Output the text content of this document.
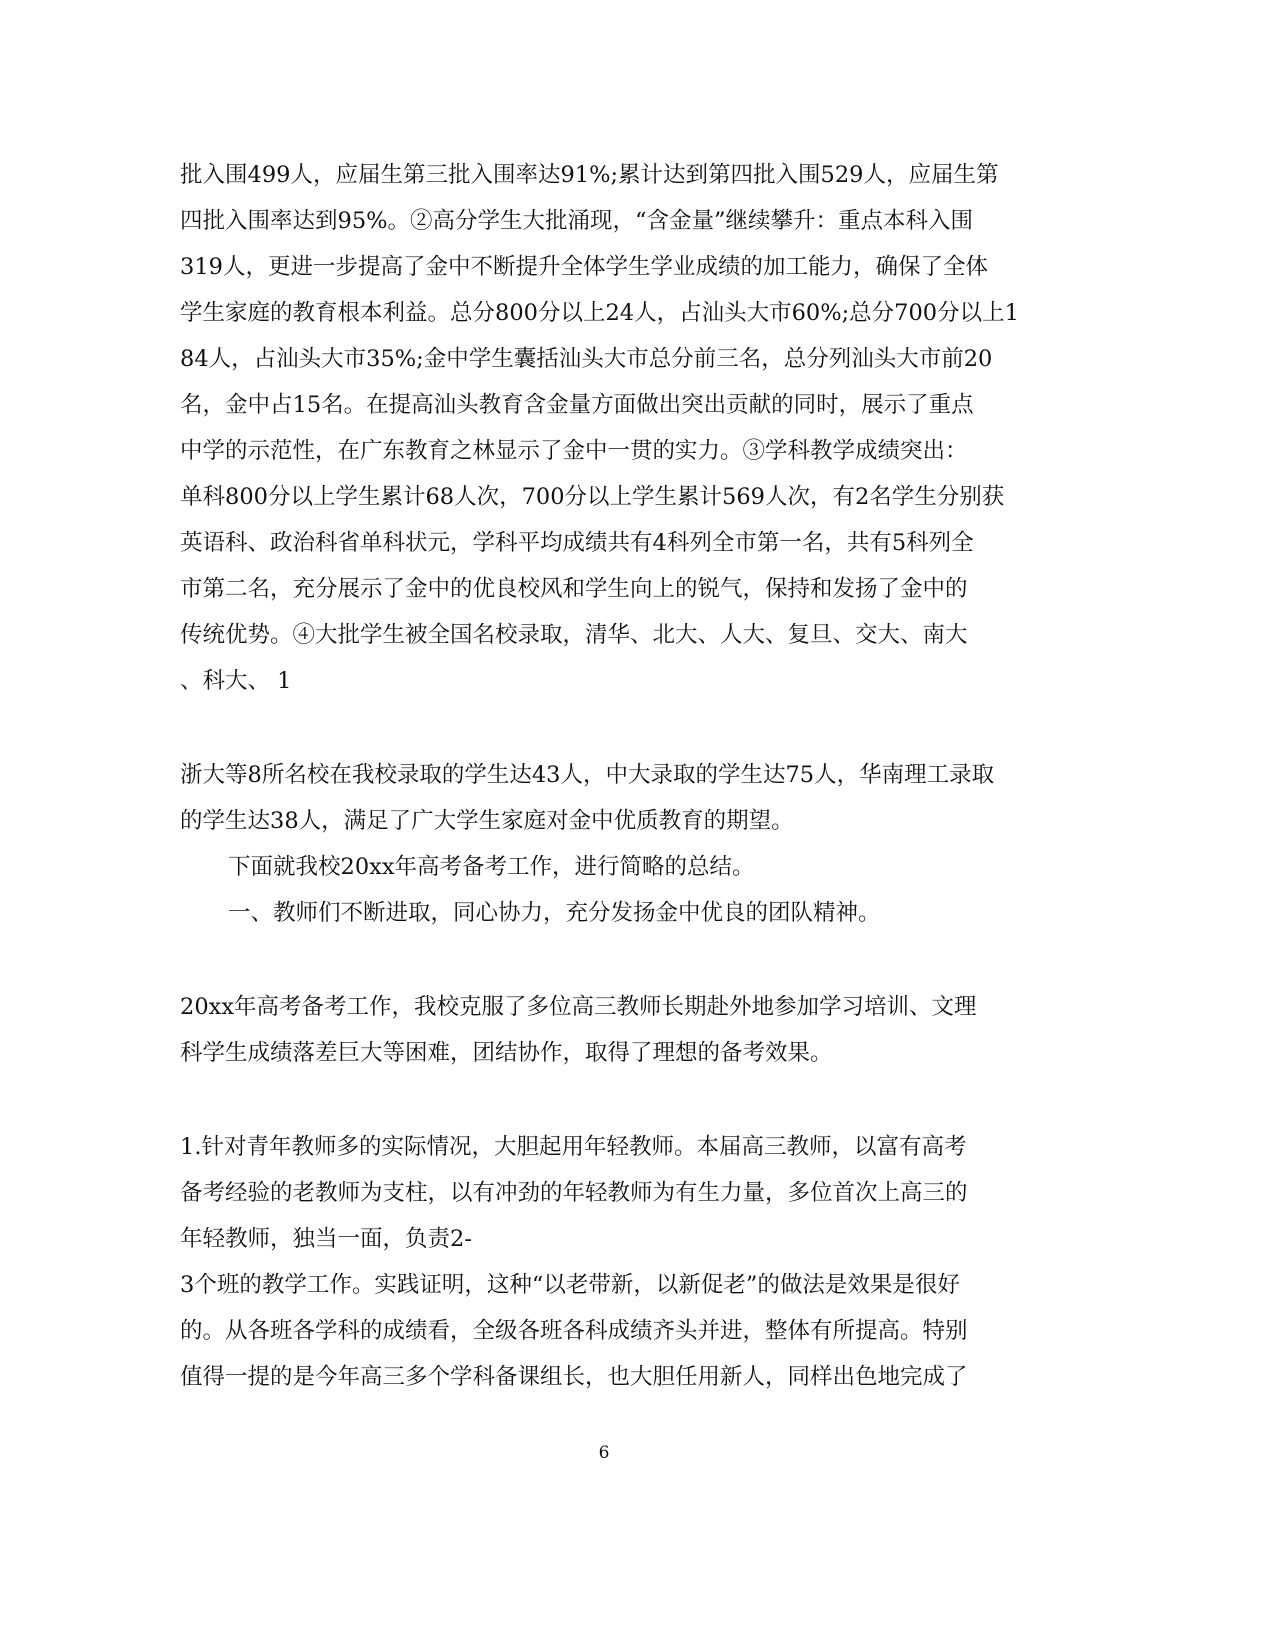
批入围499人，应届生第三批入围率达91%;累计达到第四批入围529人，应届生第

四批入围率达到95%。②高分学生大批涌现，“含金量”继续攀升：重点本科入围

319人，更进一步提高了金中不断提升全体学生学业成绩的加工能力，确保了全体

学生家庭的教育根本利益。总分800分以上24人，占汕头大市60%;总分700分以上1

84人，占汕头大市35%;金中学生囊括汕头大市总分前三名，总分列汕头大市前20

名，金中占15名。在提高汕头教育含金量方面做出突出贡献的同时，展示了重点

中学的示范性，在广东教育之林显示了金中一贯的实力。③学科教学成绩突出：

单科800分以上学生累计68人次，700分以上学生累计569人次，有2名学生分别获

英语科、政治科省单科状元，学科平均成绩共有4科列全市第一名，共有5科列全

市第二名，充分展示了金中的优良校风和学生向上的锐气，保持和发扬了金中的

传统优势。④大批学生被全国名校录取，清华、北大、人大、复旦、交大、南大

、科大、 1

浙大等8所名校在我校录取的学生达43人，中大录取的学生达75人，华南理工录取

的学生达38人，满足了广大学生家庭对金中优质教育的期望。

下面就我校20xx年高考备考工作，进行简略的总结。

一、教师们不断进取，同心协力，充分发扬金中优良的团队精神。

20xx年高考备考工作，我校克服了多位高三教师长期赴外地参加学习培训、文理

科学生成绩落差巨大等困难，团结协作，取得了理想的备考效果。

1.针对青年教师多的实际情况，大胆起用年轻教师。本届高三教师，以富有高考

备考经验的老教师为支柱，以有冲劲的年轻教师为有生力量，多位首次上高三的

年轻教师，独当一面，负责2-

3个班的教学工作。实践证明，这种“以老带新，以新促老”的做法是效果是很好

的。从各班各学科的成绩看，全级各班各科成绩齐头并进，整体有所提高。特别

值得一提的是今年高三多个学科备课组长，也大胆任用新人，同样出色地完成了

6
